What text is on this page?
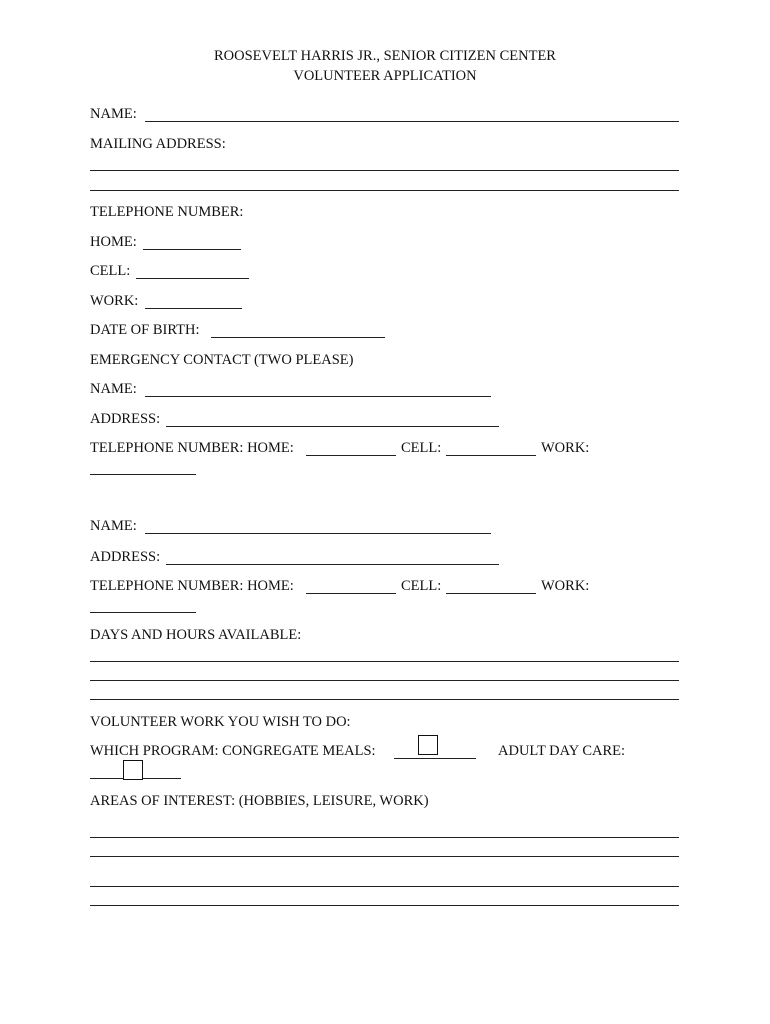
ROOSEVELT HARRIS JR., SENIOR CITIZEN CENTER
VOLUNTEER APPLICATION
NAME:
MAILING ADDRESS:
TELEPHONE NUMBER:
HOME:
CELL:
WORK:
DATE OF BIRTH:
EMERGENCY CONTACT (TWO PLEASE)
NAME:
ADDRESS:
TELEPHONE NUMBER: HOME:	CELL:	WORK:
NAME:
ADDRESS:
TELEPHONE NUMBER: HOME:	CELL:	WORK:
DAYS AND HOURS AVAILABLE:
VOLUNTEER WORK YOU WISH TO DO:
WHICH PROGRAM: CONGREGATE MEALS:	ADULT DAY CARE:
AREAS OF INTEREST: (HOBBIES, LEISURE, WORK)
